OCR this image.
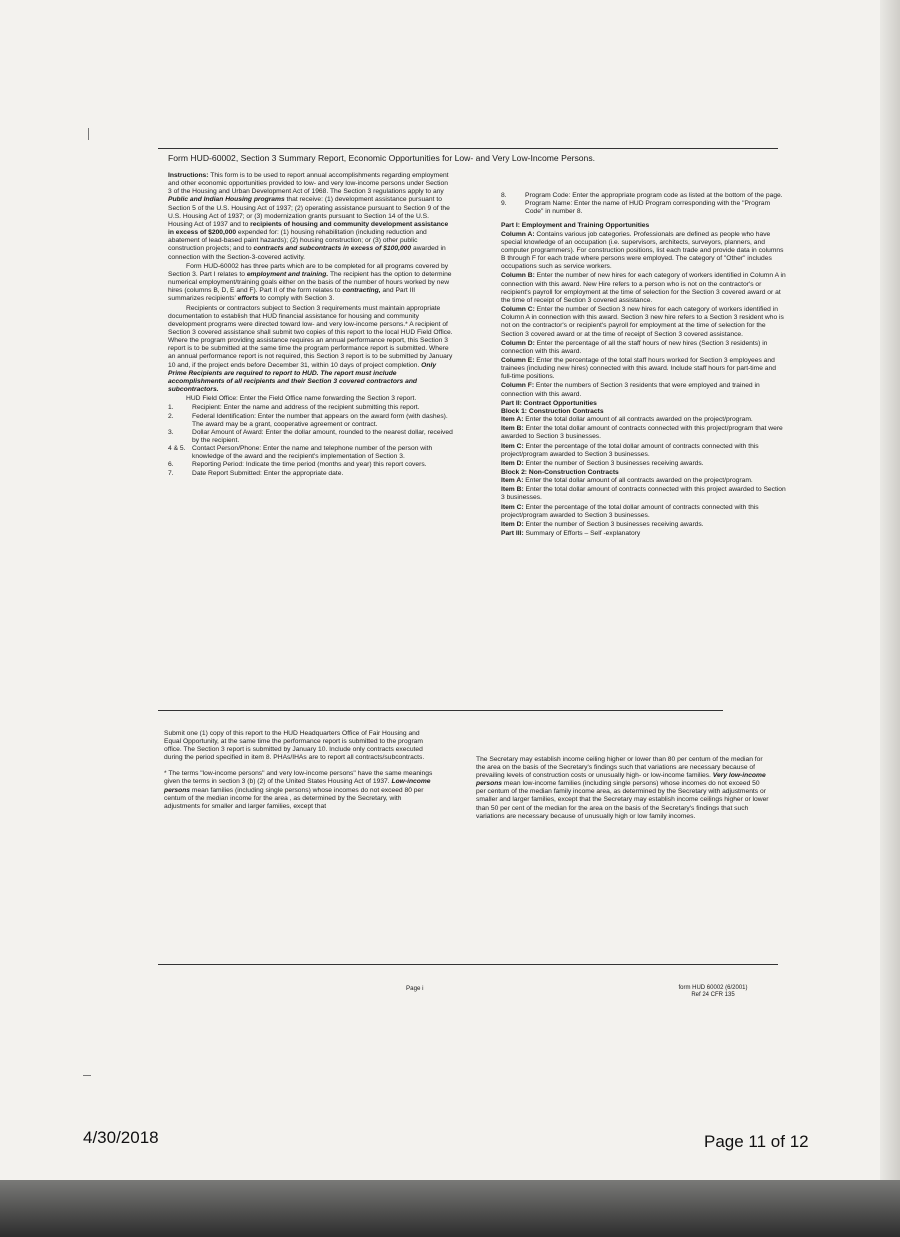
Form HUD-60002, Section 3 Summary Report, Economic Opportunities for Low- and Very Low-Income Persons.

Instructions: This form is to be used to report annual accomplishments regarding employment and other economic opportunities provided to low- and very low-income persons under Section 3 of the Housing and Urban Development Act of 1968. The Section 3 regulations apply to any Public and Indian Housing programs that receive: (1) development assistance pursuant to Section 5 of the U.S. Housing Act of 1937; (2) operating assistance pursuant to Section 9 of the U.S. Housing Act of 1937; or (3) modernization grants pursuant to Section 14 of the U.S. Housing Act of 1937 and to recipients of housing and community development assistance in excess of $200,000 expended for: (1) housing rehabilitation (including reduction and abatement of lead-based paint hazards); (2) housing construction; or (3) other public construction projects; and to contracts and subcontracts in excess of $100,000 awarded in connection with the Section-3-covered activity.

Form HUD-60002 has three parts which are to be completed for all programs covered by Section 3. Part I relates to employment and training. The recipient has the option to determine numerical employment/training goals either on the basis of the number of hours worked by new hires (columns B, D, E and F). Part II of the form relates to contracting, and Part III summarizes recipients' efforts to comply with Section 3.

Recipients or contractors subject to Section 3 requirements must maintain appropriate documentation to establish that HUD financial assistance for housing and community development programs were directed toward low- and very low-income persons.* A recipient of Section 3 covered assistance shall submit two copies of this report to the local HUD Field Office. Where the program providing assistance requires an annual performance report, this Section 3 report is to be submitted at the same time the program performance report is submitted. Where an annual performance report is not required, this Section 3 report is to be submitted by January 10 and, if the project ends before December 31, within 10 days of project completion. Only Prime Recipients are required to report to HUD. The report must include accomplishments of all recipients and their Section 3 covered contractors and subcontractors.

HUD Field Office: Enter the Field Office name forwarding the Section 3 report.

1.	Recipient: Enter the name and address of the recipient submitting this report.
2.	Federal Identification: Enter the number that appears on the award form (with dashes). The award may be a grant, cooperative agreement or contract.
3.	Dollar Amount of Award: Enter the dollar amount, rounded to the nearest dollar, received by the recipient.
4 & 5. Contact Person/Phone: Enter the name and telephone number of the person with knowledge of the award and the recipient's implementation of Section 3.
6.	Reporting Period: Indicate the time period (months and year) this report covers.
7.	Date Report Submitted: Enter the appropriate date.
8.	Program Code: Enter the appropriate program code as listed at the bottom of the page.
9.	Program Name: Enter the name of HUD Program corresponding with the "Program Code" in number 8.
Part I: Employment and Training Opportunities

Column A: Contains various job categories. Professionals are defined as people who have special knowledge of an occupation (i.e. supervisors, architects, surveyors, planners, and computer programmers). For construction positions, list each trade and provide data in columns B through F for each trade where persons were employed. The category of "Other" includes occupations such as service workers.

Column B: Enter the number of new hires for each category of workers identified in Column A in connection with this award. New Hire refers to a person who is not on the contractor's or recipient's payroll for employment at the time of selection for the Section 3 covered award or at the time of receipt of Section 3 covered assistance.

Column C: Enter the number of Section 3 new hires for each category of workers identified in Column A in connection with this award. Section 3 new hire refers to a Section 3 resident who is not on the contractor's or recipient's payroll for employment at the time of selection for the Section 3 covered award or at the time of receipt of Section 3 covered assistance.

Column D: Enter the percentage of all the staff hours of new hires (Section 3 residents) in connection with this award.

Column E: Enter the percentage of the total staff hours worked for Section 3 employees and trainees (including new hires) connected with this award. Include staff hours for part-time and full-time positions.

Column F: Enter the numbers of Section 3 residents that were employed and trained in connection with this award.

Part II: Contract Opportunities
Block 1: Construction Contracts

Item A: Enter the total dollar amount of all contracts awarded on the project/program.

Item B: Enter the total dollar amount of contracts connected with this project/program that were awarded to Section 3 businesses.

Item C: Enter the percentage of the total dollar amount of contracts connected with this project/program awarded to Section 3 businesses.

Item D: Enter the number of Section 3 businesses receiving awards.

Block 2: Non-Construction Contracts

Item A: Enter the total dollar amount of all contracts awarded on the project/program.

Item B: Enter the total dollar amount of contracts connected with this project awarded to Section 3 businesses.

Item C: Enter the percentage of the total dollar amount of contracts connected with this project/program awarded to Section 3 businesses.

Item D: Enter the number of Section 3 businesses receiving awards.

Part III: Summary of Efforts – Self -explanatory

Submit one (1) copy of this report to the HUD Headquarters Office of Fair Housing and Equal Opportunity, at the same time the performance report is submitted to the program office. The Section 3 report is submitted by January 10. Include only contracts executed during the period specified in item 8. PHAs/IHAs are to report all contracts/subcontracts.

* The terms "low-income persons" and very low-income persons" have the same meanings given the terms in section 3 (b) (2) of the United States Housing Act of 1937. Low-income persons mean families (including single persons) whose incomes do not exceed 80 per centum of the median income for the area , as determined by the Secretary, with adjustments for smaller and larger families, except that

The Secretary may establish income ceiling higher or lower than 80 per centum of the median for the area on the basis of the Secretary's findings such that variations are necessary because of prevailing levels of construction costs or unusually high- or low-income families. Very low-income persons mean low-income families (including single persons) whose incomes do not exceed 50 per centum of the median family income area, as determined by the Secretary with adjustments or smaller and larger families, except that the Secretary may establish income ceilings higher or lower than 50 per cent of the median for the area on the basis of the Secretary's findings that such variations are necessary because of unusually high or low family incomes.
Page i	form HUD 60002 (6/2001)
Ref 24 CFR 135
4/30/2018	Page 11 of 12
